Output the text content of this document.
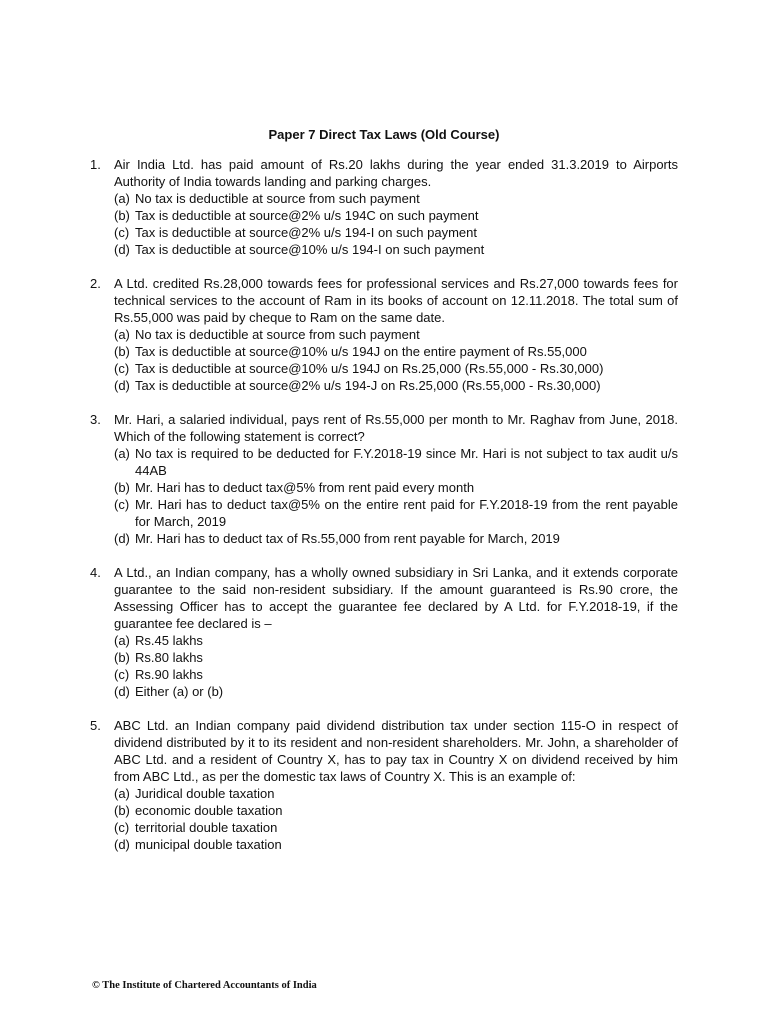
Paper 7 Direct Tax Laws (Old Course)
1. Air India Ltd. has paid amount of Rs.20 lakhs during the year ended 31.3.2019 to Airports Authority of India towards landing and parking charges.
(a) No tax is deductible at source from such payment
(b) Tax is deductible at source@2% u/s 194C on such payment
(c) Tax is deductible at source@2% u/s 194-I on such payment
(d) Tax is deductible at source@10% u/s 194-I on such payment
2. A Ltd. credited Rs.28,000 towards fees for professional services and Rs.27,000 towards fees for technical services to the account of Ram in its books of account on 12.11.2018. The total sum of Rs.55,000 was paid by cheque to Ram on the same date.
(a) No tax is deductible at source from such payment
(b) Tax is deductible at source@10% u/s 194J on the entire payment of Rs.55,000
(c) Tax is deductible at source@10% u/s 194J on Rs.25,000 (Rs.55,000 - Rs.30,000)
(d) Tax is deductible at source@2% u/s 194-J on Rs.25,000 (Rs.55,000 - Rs.30,000)
3. Mr. Hari, a salaried individual, pays rent of Rs.55,000 per month to Mr. Raghav from June, 2018. Which of the following statement is correct?
(a) No tax is required to be deducted for F.Y.2018-19 since Mr. Hari is not subject to tax audit u/s 44AB
(b) Mr. Hari has to deduct tax@5% from rent paid every month
(c) Mr. Hari has to deduct tax@5% on the entire rent paid for F.Y.2018-19 from the rent payable for March, 2019
(d) Mr. Hari has to deduct tax of Rs.55,000 from rent payable for March, 2019
4. A Ltd., an Indian company, has a wholly owned subsidiary in Sri Lanka, and it extends corporate guarantee to the said non-resident subsidiary. If the amount guaranteed is Rs.90 crore, the Assessing Officer has to accept the guarantee fee declared by A Ltd. for F.Y.2018-19, if the guarantee fee declared is –
(a) Rs.45 lakhs
(b) Rs.80 lakhs
(c) Rs.90 lakhs
(d) Either (a) or (b)
5. ABC Ltd. an Indian company paid dividend distribution tax under section 115-O in respect of dividend distributed by it to its resident and non-resident shareholders. Mr. John, a shareholder of ABC Ltd. and a resident of Country X, has to pay tax in Country X on dividend received by him from ABC Ltd., as per the domestic tax laws of Country X. This is an example of:
(a) Juridical double taxation
(b) economic double taxation
(c) territorial double taxation
(d) municipal double taxation
© The Institute of Chartered Accountants of India
